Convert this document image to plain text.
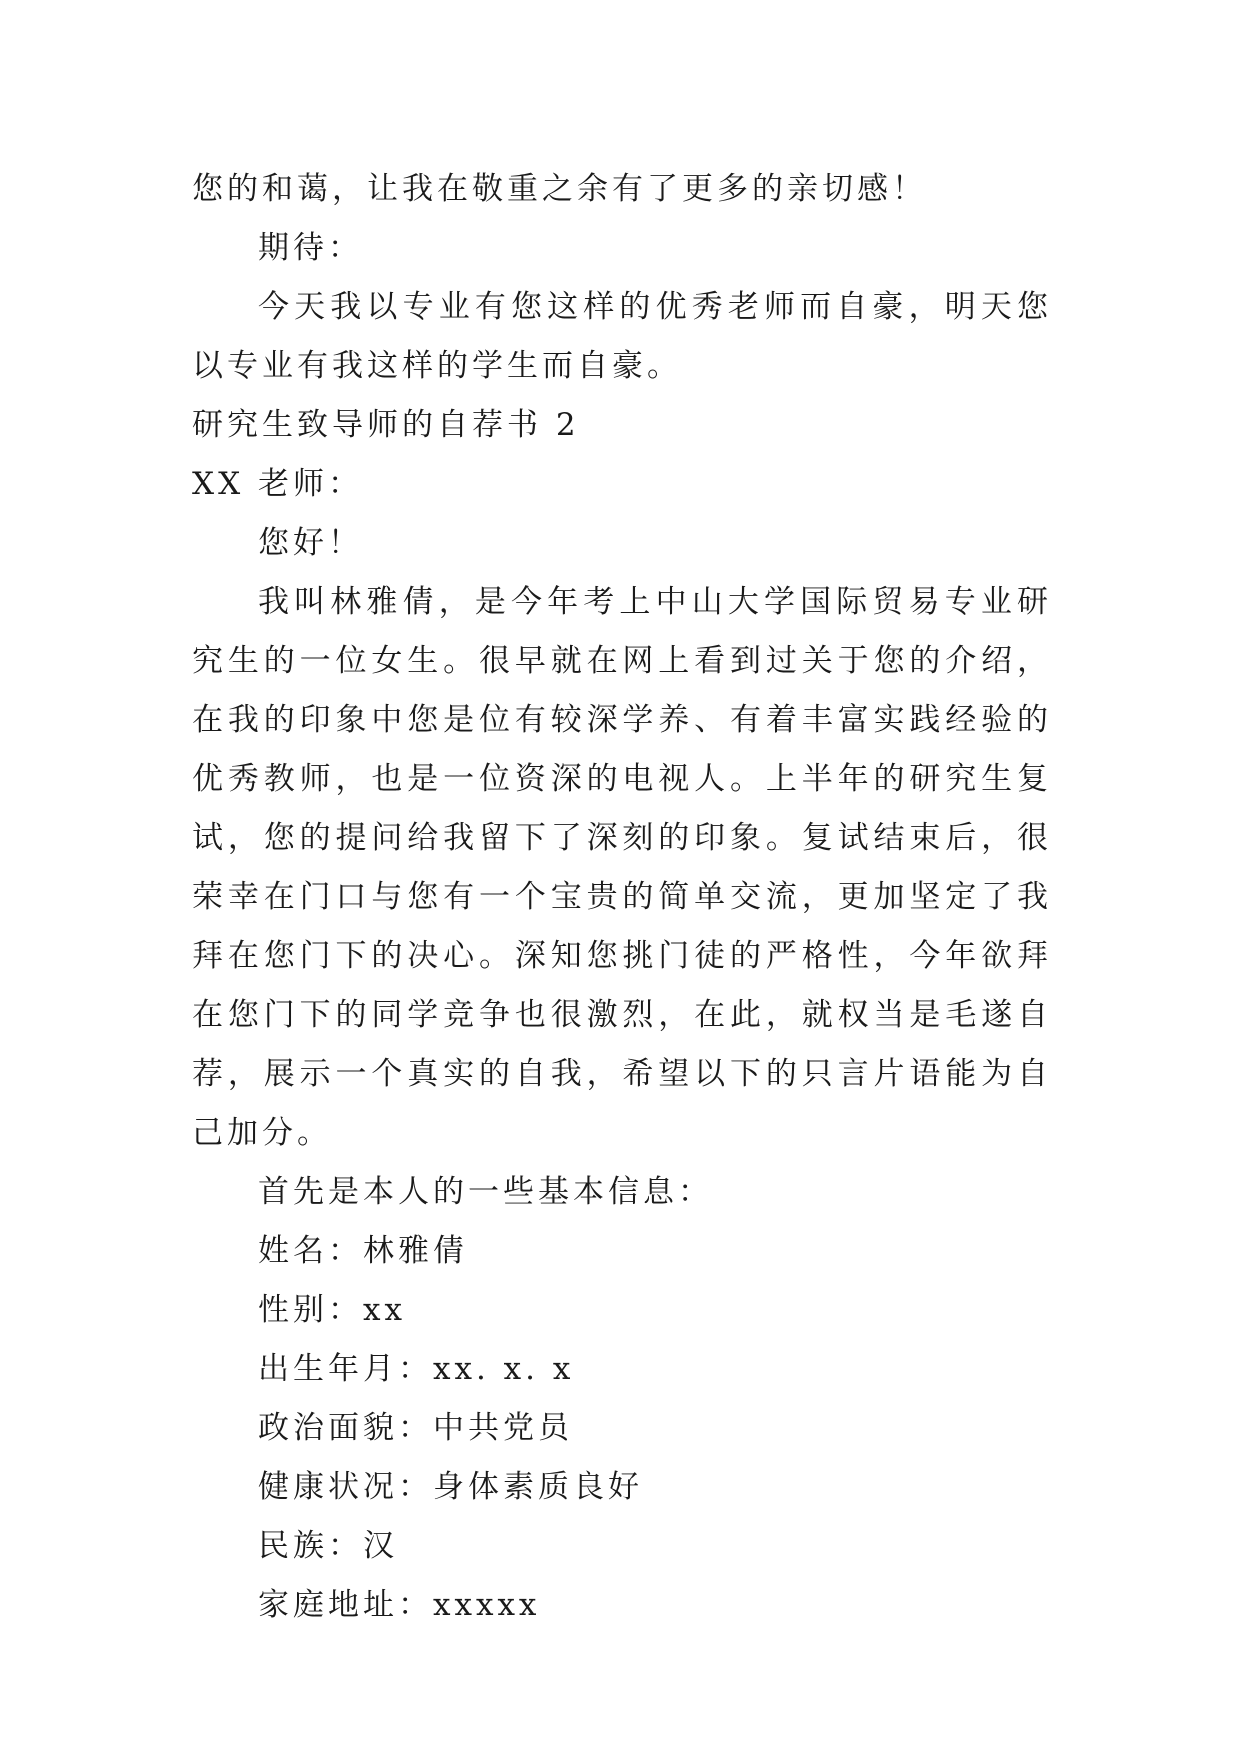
您的和蔼，让我在敬重之余有了更多的亲切感！

期待：

今天我以专业有您这样的优秀老师而自豪，明天您以专业有我这样的学生而自豪。

研究生致导师的自荐书 2

XX 老师：

您好！

我叫林雅倩，是今年考上中山大学国际贸易专业研究生的一位女生。很早就在网上看到过关于您的介绍，在我的印象中您是位有较深学养、有着丰富实践经验的优秀教师，也是一位资深的电视人。上半年的研究生复试，您的提问给我留下了深刻的印象。复试结束后，很荣幸在门口与您有一个宝贵的简单交流，更加坚定了我拜在您门下的决心。深知您挑门徒的严格性，今年欲拜在您门下的同学竞争也很激烈，在此，就权当是毛遂自荐，展示一个真实的自我，希望以下的只言片语能为自己加分。

首先是本人的一些基本信息：

姓名：林雅倩

性别：xx

出生年月：xx. x. x

政治面貌：中共党员

健康状况：身体素质良好

民族：汉

家庭地址：xxxxx
